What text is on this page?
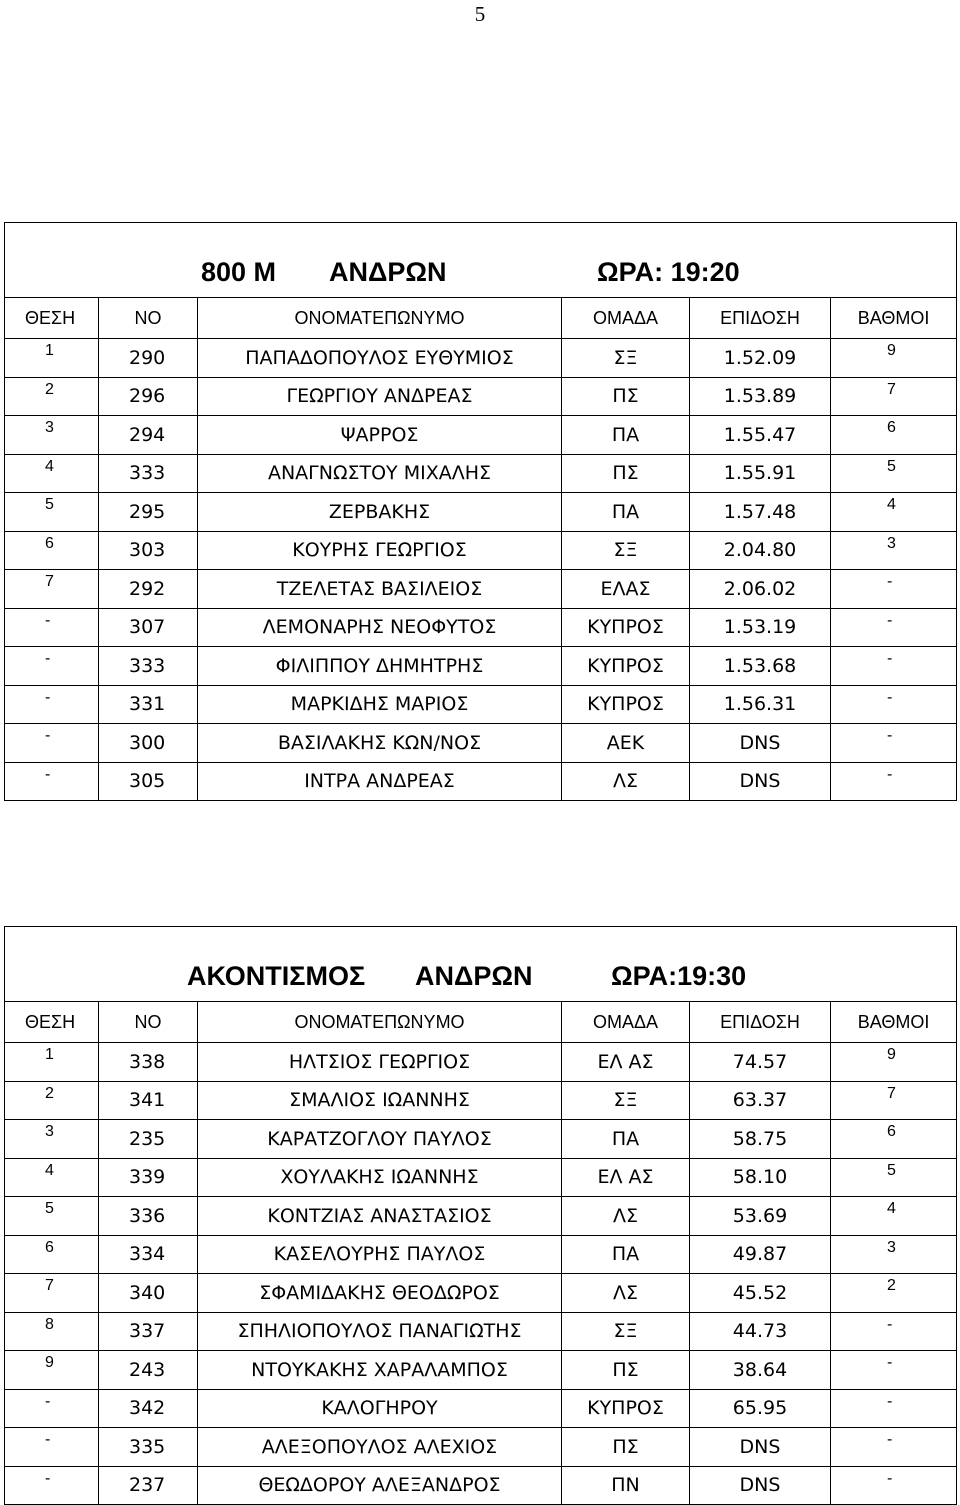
5
800 Μ ΑΝΔΡΩΝ ΩΡΑ: 19:20					

ΘΕΣΗ	ΝΟ	ΟΝΟΜΑΤΕΠΩΝΥΜΟ	ΟΜΑΔΑ	ΕΠΙΔΟΣΗ	ΒΑΘΜΟΙ
1	290	ΠΑΠΑΔΟΠΟΥΛΟΣ ΕΥΘΥΜΙΟΣ	ΣΞ	1.52.09	9
2	296	ΓΕΩΡΓΙΟΥ ΑΝΔΡΕΑΣ	ΠΣ	1.53.89	7
3	294	ΨΑΡΡΟΣ	ΠΑ	1.55.47	6
4	333	ΑΝΑΓΝΩΣΤΟΥ ΜΙΧΑΛΗΣ	ΠΣ	1.55.91	5
5	295	ΖΕΡΒΑΚΗΣ	ΠΑ	1.57.48	4
6	303	ΚΟΥΡΗΣ ΓΕΩΡΓΙΟΣ	ΣΞ	2.04.80	3
7	292	ΤΖΕΛΕΤΑΣ ΒΑΣΙΛΕΙΟΣ	ΕΛΑΣ	2.06.02	-
-	307	ΛΕΜΟΝΑΡΗΣ ΝΕΟΦΥΤΟΣ	ΚΥΠΡΟΣ	1.53.19	-
-	333	ΦΙΛΙΠΠΟΥ ΔΗΜΗΤΡΗΣ	ΚΥΠΡΟΣ	1.53.68	-
-	331	ΜΑΡΚΙΔΗΣ ΜΑΡΙΟΣ	ΚΥΠΡΟΣ	1.56.31	-
-	300	ΒΑΣΙΛΑΚΗΣ ΚΩΝ/ΝΟΣ	ΑΕΚ	DNS	-
-	305	ΙΝΤΡΑ ΑΝΔΡΕΑΣ	ΛΣ	DNS	-
ΑΚΟΝΤΙΣΜΟΣ ΑΝΔΡΩΝ ΩΡΑ:19:30					

ΘΕΣΗ	ΝΟ	ΟΝΟΜΑΤΕΠΩΝΥΜΟ	ΟΜΑΔΑ	ΕΠΙΔΟΣΗ	ΒΑΘΜΟΙ
1	338	ΗΛΤΣΙΟΣ ΓΕΩΡΓΙΟΣ	ΕΛ ΑΣ	74.57	9
2	341	ΣΜΑΛΙΟΣ ΙΩΑΝΝΗΣ	ΣΞ	63.37	7
3	235	ΚΑΡΑΤΖΟΓΛΟΥ ΠΑΥΛΟΣ	ΠΑ	58.75	6
4	339	ΧΟΥΛΑΚΗΣ ΙΩΑΝΝΗΣ	ΕΛ ΑΣ	58.10	5
5	336	ΚΟΝΤΖΙΑΣ ΑΝΑΣΤΑΣΙΟΣ	ΛΣ	53.69	4
6	334	ΚΑΣΕΛΟΥΡΗΣ ΠΑΥΛΟΣ	ΠΑ	49.87	3
7	340	ΣΦΑΜΙΔΑΚΗΣ ΘΕΟΔΩΡΟΣ	ΛΣ	45.52	2
8	337	ΣΠΗΛΙΟΠΟΥΛΟΣ ΠΑΝΑΓΙΩΤΗΣ	ΣΞ	44.73	-
9	243	ΝΤΟΥΚΑΚΗΣ ΧΑΡΑΛΑΜΠΟΣ	ΠΣ	38.64	-
-	342	ΚΑΛΟΓΗΡΟΥ	ΚΥΠΡΟΣ	65.95	-
-	335	ΑΛΕΞΟΠΟΥΛΟΣ ΑΛΕΧΙΟΣ	ΠΣ	DNS	-
-	237	ΘΕΩΔΟΡΟΥ ΑΛΕΞΑΝΔΡΟΣ	ΠΝ	DNS	-
